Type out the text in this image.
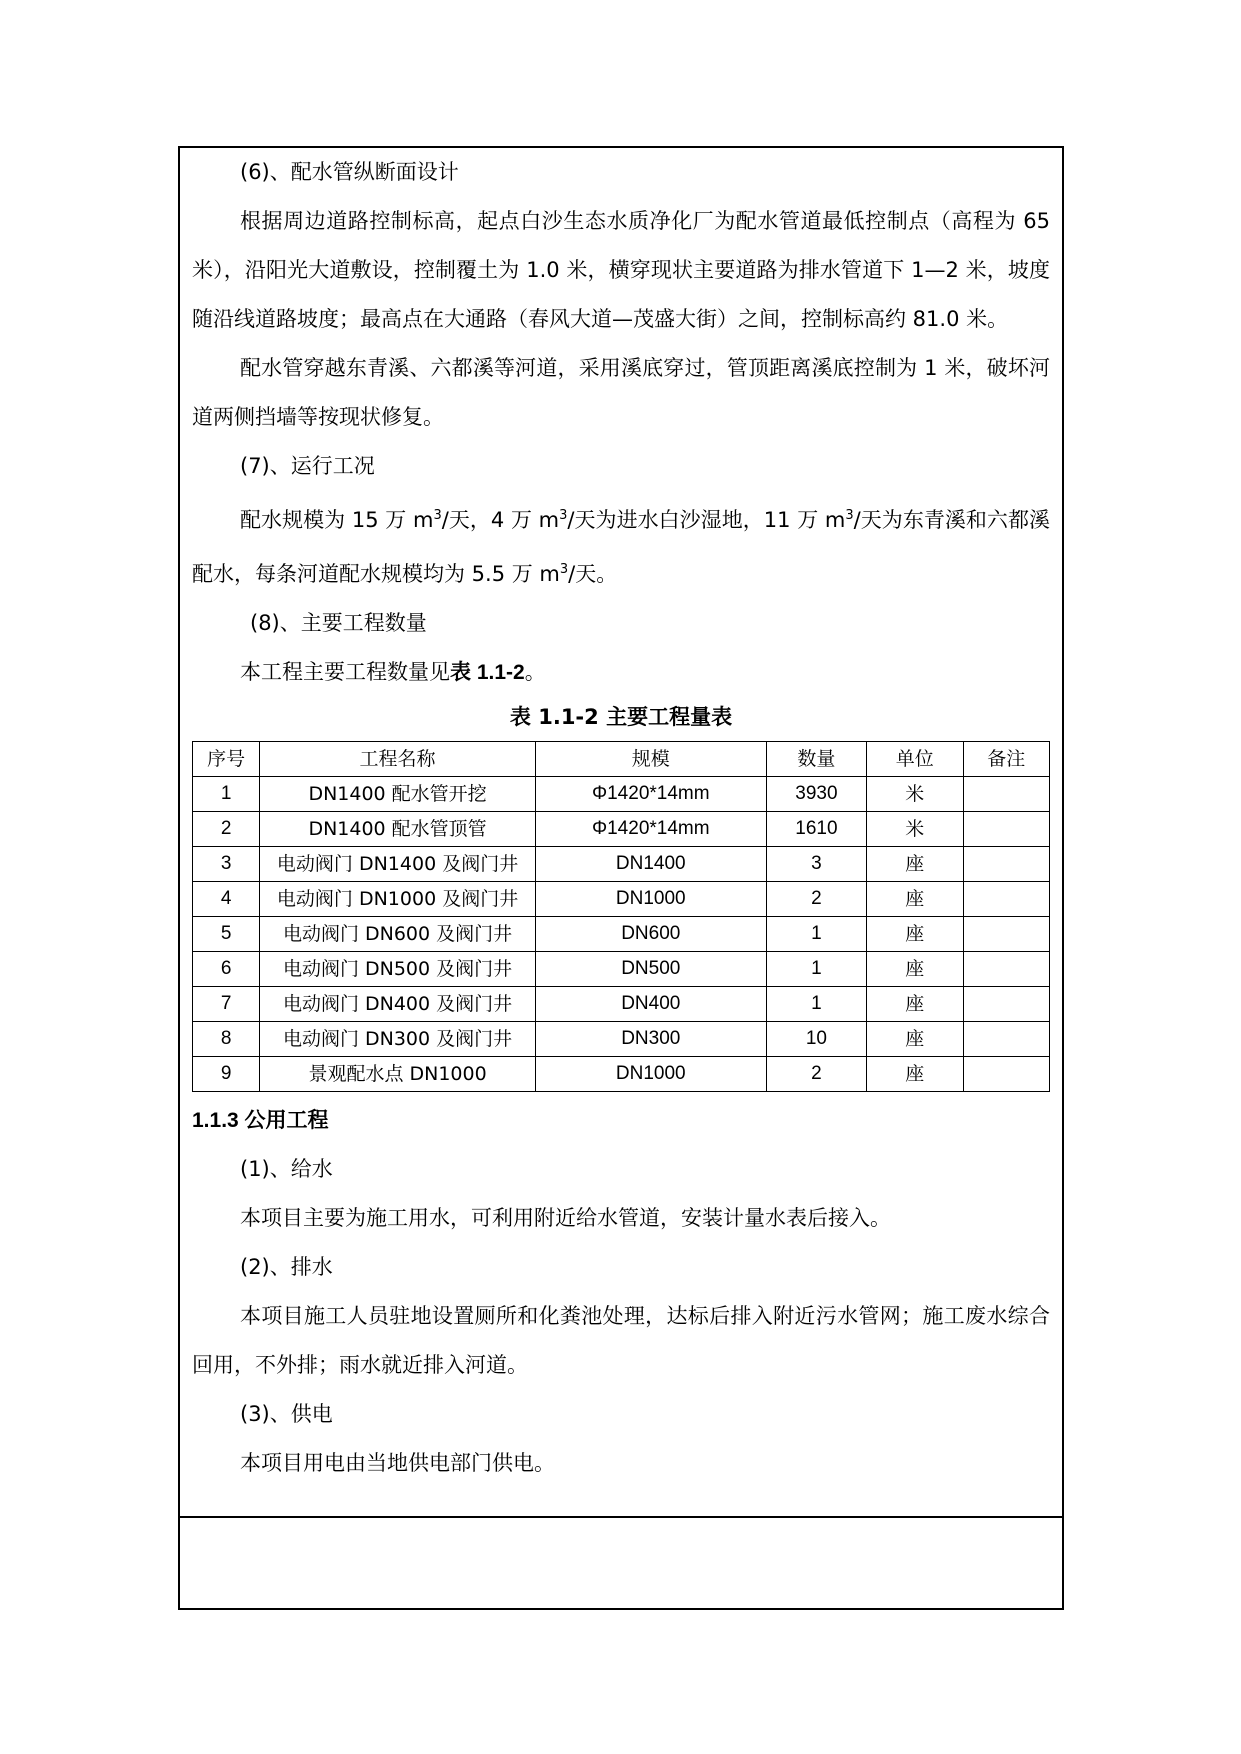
(6)、配水管纵断面设计

根据周边道路控制标高，起点白沙生态水质净化厂为配水管道最低控制点（高程为 65 米），沿阳光大道敷设，控制覆土为 1.0 米，横穿现状主要道路为排水管道下 1—2 米，坡度随沿线道路坡度；最高点在大通路（春风大道—茂盛大街）之间，控制标高约 81.0 米。

配水管穿越东青溪、六都溪等河道，采用溪底穿过，管顶距离溪底控制为 1 米，破坏河道两侧挡墙等按现状修复。

(7)、运行工况

配水规模为 15 万 $m^3/$天，4 万 $m^3/$天为进水白沙湿地，11 万 $m^3/$天为东青溪和六都溪配水，每条河道配水规模均为 5.5 万 $m^3/$天。

(8)、主要工程数量

本工程主要工程数量见表 1.1-2。

表 1.1-2 主要工程量表
序号	工程名称	规模	数量	单位	备注
1	DN1400 配水管开挖	Φ1420*14mm	3930	米	
2	DN1400 配水管顶管	Φ1420*14mm	1610	米	
3	电动阀门 DN1400 及阀门井	DN1400	3	座	
4	电动阀门 DN1000 及阀门井	DN1000	2	座	
5	电动阀门 DN600 及阀门井	DN600	1	座	
6	电动阀门 DN500 及阀门井	DN500	1	座	
7	电动阀门 DN400 及阀门井	DN400	1	座	
8	电动阀门 DN300 及阀门井	DN300	10	座	
9	景观配水点 DN1000	DN1000	2	座	

1.1.3 公用工程

(1)、给水

本项目主要为施工用水，可利用附近给水管道，安装计量水表后接入。

(2)、排水

本项目施工人员驻地设置厕所和化粪池处理，达标后排入附近污水管网；施工废水综合回用，不外排；雨水就近排入河道。

(3)、供电

本项目用电由当地供电部门供电。
